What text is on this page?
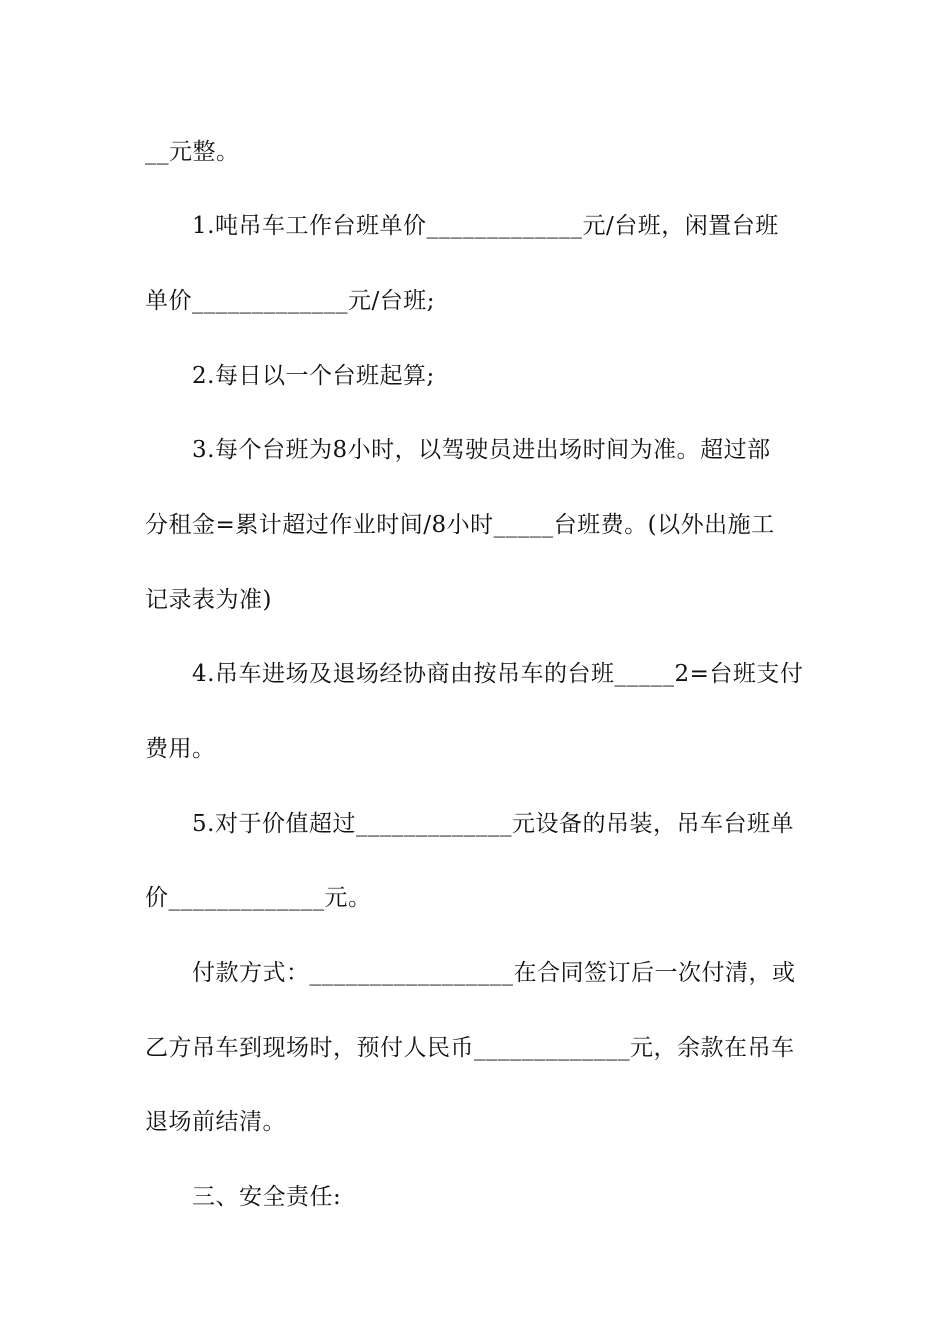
__元整。
1.吨吊车工作台班单价_____________元/台班，闲置台班
单价_____________元/台班;
2.每日以一个台班起算;
3.每个台班为8小时，以驾驶员进出场时间为准。超过部
分租金=累计超过作业时间/8小时_____台班费。(以外出施工
记录表为准)
4.吊车进场及退场经协商由按吊车的台班_____2=台班支付
费用。
5.对于价值超过_____________元设备的吊装，吊车台班单
价_____________元。
付款方式：_________________在合同签订后一次付清，或
乙方吊车到现场时，预付人民币_____________元，余款在吊车
退场前结清。
三、安全责任:
